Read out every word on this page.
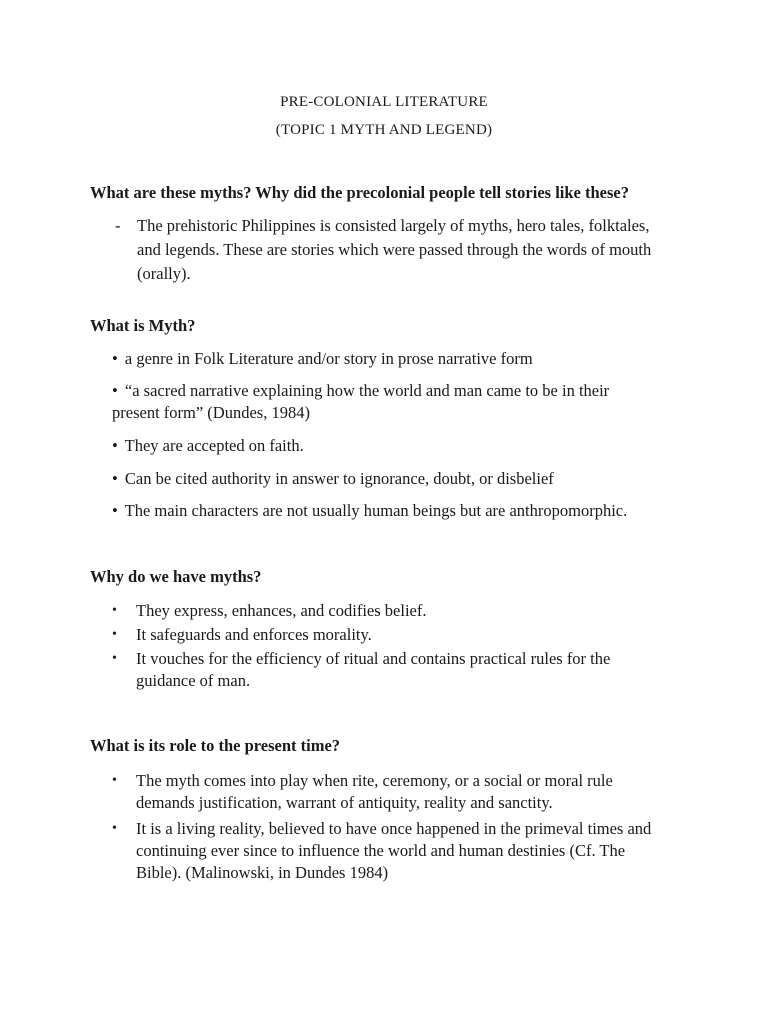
PRE-COLONIAL LITERATURE
(TOPIC 1 MYTH AND LEGEND)
What are these myths? Why did the precolonial people tell stories like these?
- The prehistoric Philippines is consisted largely of myths, hero tales, folktales, and legends. These are stories which were passed through the words of mouth (orally).
What is Myth?
• a genre in Folk Literature and/or story in prose narrative form
• “a sacred narrative explaining how the world and man came to be in their present form” (Dundes, 1984)
• They are accepted on faith.
• Can be cited authority in answer to ignorance, doubt, or disbelief
• The main characters are not usually human beings but are anthropomorphic.
Why do we have myths?
• They express, enhances, and codifies belief.
• It safeguards and enforces morality.
• It vouches for the efficiency of ritual and contains practical rules for the guidance of man.
What is its role to the present time?
• The myth comes into play when rite, ceremony, or a social or moral rule demands justification, warrant of antiquity, reality and sanctity.
• It is a living reality, believed to have once happened in the primeval times and continuing ever since to influence the world and human destinies (Cf. The Bible). (Malinowski, in Dundes 1984)
